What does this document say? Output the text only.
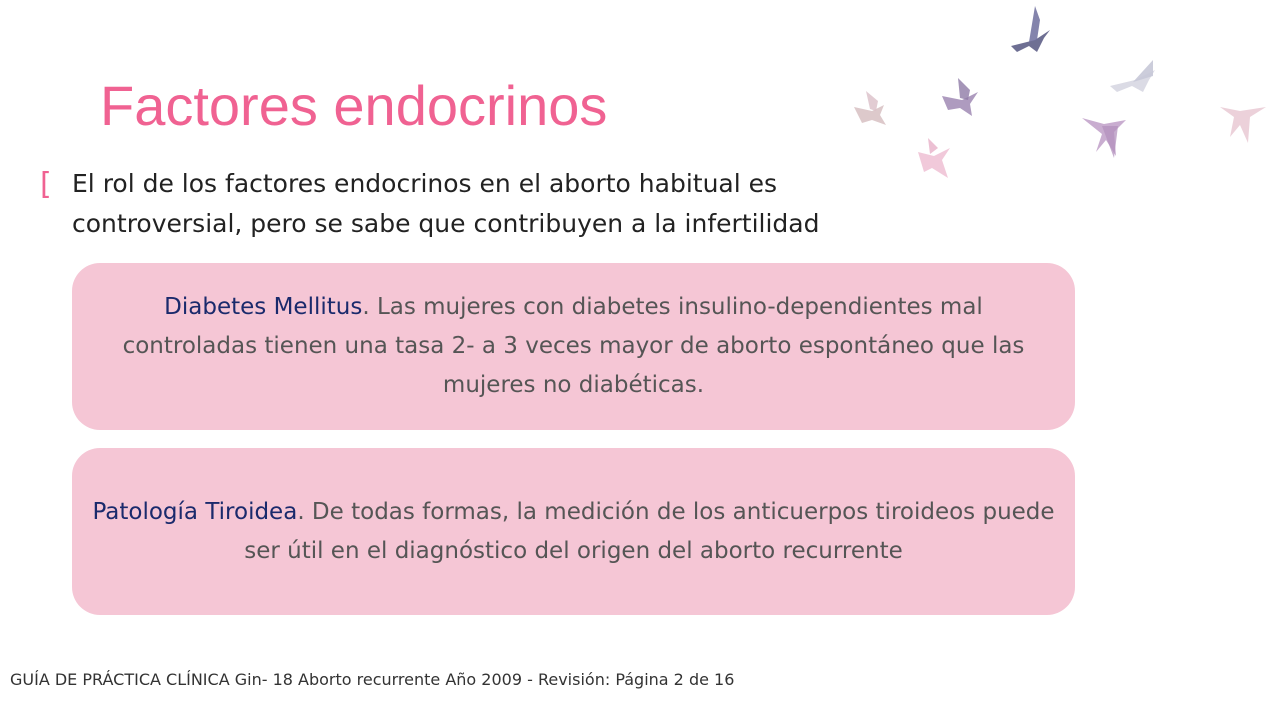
Factores endocrinos
[ El rol de los factores endocrinos en el aborto habitual es
controversial, pero se sabe que contribuyen a la infertilidad
Diabetes Mellitus. Las mujeres con diabetes insulino-dependientes mal controladas tienen una tasa 2- a 3 veces mayor de aborto espontáneo que las mujeres no diabéticas.
Patología Tiroidea. De todas formas, la medición de los anticuerpos tiroideos puede ser útil en el diagnóstico del origen del aborto recurrente
GUÍA DE PRÁCTICA CLÍNICA Gin- 18 Aborto recurrente Año 2009 - Revisión: Página 2 de 16
